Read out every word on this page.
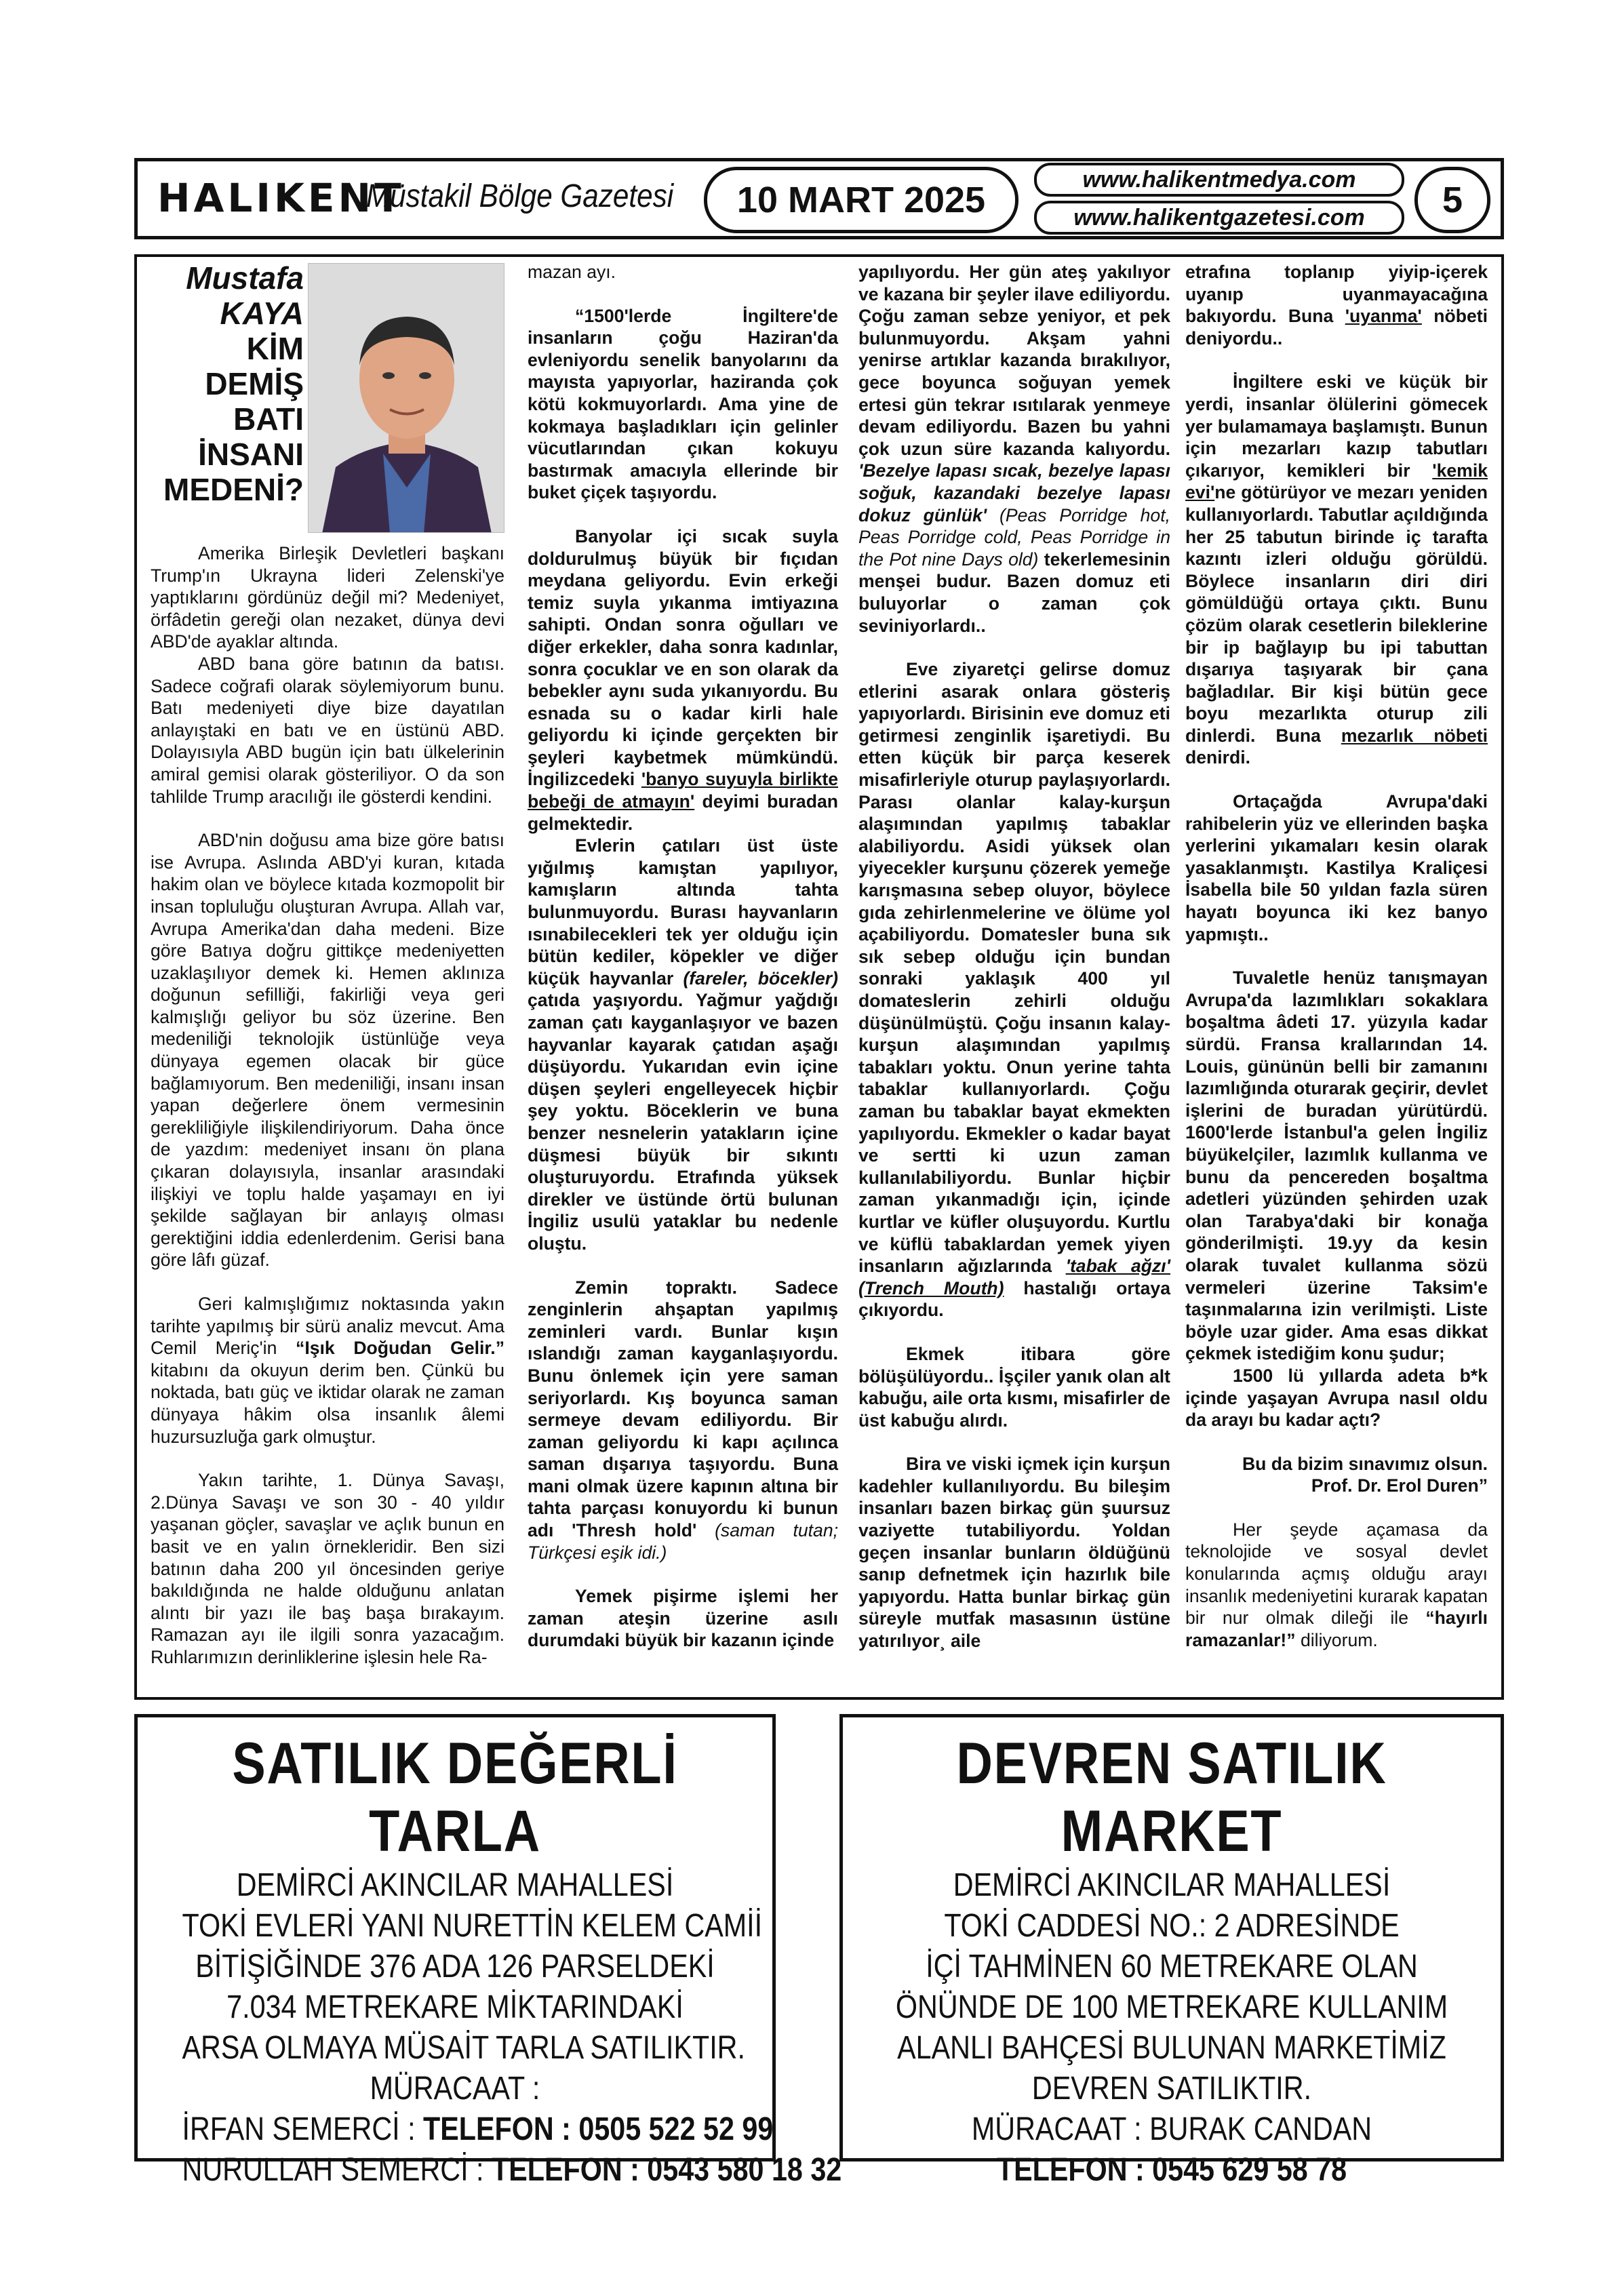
HALIKENT
Müstakil Bölge Gazetesi	10 MART 2025	www.halikentmedya.com
www.halikentgazetesi.com	5
Mustafa
KAYA
KİM
DEMİŞ
BATI
İNSANI
MEDENİ?

Amerika Birleşik Devletleri başkanı Trump'ın Ukrayna lideri Zelenski'ye yaptıklarını gördünüz değil mi? Medeniyet, örfâdetin gereği olan nezaket, dünya devi ABD'de ayaklar altında.

ABD bana göre batının da batısı. Sadece coğrafi olarak söylemiyorum bunu. Batı medeniyeti diye bize dayatılan anlayıştaki en batı ve en üstünü ABD. Dolayısıyla ABD bugün için batı ülkelerinin amiral gemisi olarak gösteriliyor. O da son tahlilde Trump aracılığı ile gösterdi kendini.

ABD'nin doğusu ama bize göre batısı ise Avrupa. Aslında ABD'yi kuran, kıtada hakim olan ve böylece kıtada kozmopolit bir insan topluluğu oluşturan Avrupa. Allah var, Avrupa Amerika'dan daha medeni. Bize göre Batıya doğru gittikçe medeniyetten uzaklaşılıyor demek ki. Hemen aklınıza doğunun sefilliği, fakirliği veya geri kalmışlığı geliyor bu söz üzerine. Ben medeniliği teknolojik üstünlüğe veya dünyaya egemen olacak bir güce bağlamıyorum. Ben medeniliği, insanı insan yapan değerlere önem vermesinin gerekliliğiyle ilişkilendiriyorum. Daha önce de yazdım: medeniyet insanı ön plana çıkaran dolayısıyla, insanlar arasındaki ilişkiyi ve toplu halde yaşamayı en iyi şekilde sağlayan bir anlayış olması gerektiğini iddia edenlerdenim. Gerisi bana göre lâfı güzaf.

Geri kalmışlığımız noktasında yakın tarihte yapılmış bir sürü analiz mevcut. Ama Cemil Meriç'in “Işık Doğudan Gelir.” kitabını da okuyun derim ben. Çünkü bu noktada, batı güç ve iktidar olarak ne zaman dünyaya hâkim olsa insanlık âlemi huzursuzluğa gark olmuştur.

Yakın tarihte, 1. Dünya Savaşı, 2.Dünya Savaşı ve son 30 - 40 yıldır yaşanan göçler, savaşlar ve açlık bunun en basit ve en yalın örnekleridir. Ben sizi batının daha 200 yıl öncesinden geriye bakıldığında ne halde olduğunu anlatan alıntı bir yazı ile baş başa bırakayım. Ramazan ayı ile ilgili sonra yazacağım. Ruhlarımızın derinliklerine işlesin hele Ra-

mazan ayı.

“1500'lerde İngiltere'de insanların çoğu Haziran'da evleniyordu senelik banyolarını da mayısta yapıyorlar, haziranda çok kötü kokmuyorlardı. Ama yine de kokmaya başladıkları için gelinler vücutlarından çıkan kokuyu bastırmak amacıyla ellerinde bir buket çiçek taşıyordu.

Banyolar içi sıcak suyla doldurulmuş büyük bir fıçıdan meydana geliyordu. Evin erkeği temiz suyla yıkanma imtiyazına sahipti. Ondan sonra oğulları ve diğer erkekler, daha sonra kadınlar, sonra çocuklar ve en son olarak da bebekler aynı suda yıkanıyordu. Bu esnada su o kadar kirli hale geliyordu ki içinde gerçekten bir şeyleri kaybetmek mümkündü. İngilizcedeki 'banyo suyuyla birlikte bebeği de atmayın' deyimi buradan gelmektedir.

Evlerin çatıları üst üste yığılmış kamıştan yapılıyor, kamışların altında tahta bulunmuyordu. Burası hayvanların ısınabilecekleri tek yer olduğu için bütün kediler, köpekler ve diğer küçük hayvanlar (fareler, böcekler) çatıda yaşıyordu. Yağmur yağdığı zaman çatı kayganlaşıyor ve bazen hayvanlar kayarak çatıdan aşağı düşüyordu. Yukarıdan evin içine düşen şeyleri engelleyecek hiçbir şey yoktu. Böceklerin ve buna benzer nesnelerin yatakların içine düşmesi büyük bir sıkıntı oluşturuyordu. Etrafında yüksek direkler ve üstünde örtü bulunan İngiliz usulü yataklar bu nedenle oluştu.

Zemin topraktı. Sadece zenginlerin ahşaptan yapılmış zeminleri vardı. Bunlar kışın ıslandığı zaman kayganlaşıyordu. Bunu önlemek için yere saman seriyorlardı. Kış boyunca saman sermeye devam ediliyordu. Bir zaman geliyordu ki kapı açılınca saman dışarıya taşıyordu. Buna mani olmak üzere kapının altına bir tahta parçası konuyordu ki bunun adı 'Thresh hold' (saman tutan; Türkçesi eşik idi.)

Yemek pişirme işlemi her zaman ateşin üzerine asılı durumdaki büyük bir kazanın içinde

yapılıyordu. Her gün ateş yakılıyor ve kazana bir şeyler ilave ediliyordu. Çoğu zaman sebze yeniyor, et pek bulunmuyordu. Akşam yahni yenirse artıklar kazanda bırakılıyor, gece boyunca soğuyan yemek ertesi gün tekrar ısıtılarak yenmeye devam ediliyordu. Bazen bu yahni çok uzun süre kazanda kalıyordu. 'Bezelye lapası sıcak, bezelye lapası soğuk, kazandaki bezelye lapası dokuz günlük' (Peas Porridge hot, Peas Porridge cold, Peas Porridge in the Pot nine Days old) tekerlemesinin menşei budur. Bazen domuz eti buluyorlar o zaman çok seviniyorlardı..

Eve ziyaretçi gelirse domuz etlerini asarak onlara gösteriş yapıyorlardı. Birisinin eve domuz eti getirmesi zenginlik işaretiydi. Bu etten küçük bir parça keserek misafirleriyle oturup paylaşıyorlardı. Parası olanlar kalay-kurşun alaşımından yapılmış tabaklar alabiliyordu. Asidi yüksek olan yiyecekler kurşunu çözerek yemeğe karışmasına sebep oluyor, böylece gıda zehirlenmelerine ve ölüme yol açabiliyordu. Domatesler buna sık sık sebep olduğu için bundan sonraki yaklaşık 400 yıl domateslerin zehirli olduğu düşünülmüştü. Çoğu insanın kalay-kurşun alaşımından yapılmış tabakları yoktu. Onun yerine tahta tabaklar kullanıyorlardı. Çoğu zaman bu tabaklar bayat ekmekten yapılıyordu. Ekmekler o kadar bayat ve sertti ki uzun zaman kullanılabiliyordu. Bunlar hiçbir zaman yıkanmadığı için, içinde kurtlar ve küfler oluşuyordu. Kurtlu ve küflü tabaklardan yemek yiyen insanların ağızlarında 'tabak ağzı' (Trench Mouth) hastalığı ortaya çıkıyordu.

Ekmek itibara göre bölüşülüyordu.. İşçiler yanık olan alt kabuğu, aile orta kısmı, misafirler de üst kabuğu alırdı.

Bira ve viski içmek için kurşun kadehler kullanılıyordu. Bu bileşim insanları bazen birkaç gün şuursuz vaziyette tutabiliyordu. Yoldan geçen insanlar bunların öldüğünü sanıp defnetmek için hazırlık bile yapıyordu. Hatta bunlar birkaç gün süreyle mutfak masasının üstüne yatırılıyor¸ aile

etrafına toplanıp yiyip-içerek uyanıp uyanmayacağına bakıyordu. Buna 'uyanma' nöbeti deniyordu..

İngiltere eski ve küçük bir yerdi, insanlar ölülerini gömecek yer bulamamaya başlamıştı. Bunun için mezarları kazıp tabutları çıkarıyor, kemikleri bir 'kemik evi'ne götürüyor ve mezarı yeniden kullanıyorlardı. Tabutlar açıldığında her 25 tabutun birinde iç tarafta kazıntı izleri olduğu görüldü. Böylece insanların diri diri gömüldüğü ortaya çıktı. Bunu çözüm olarak cesetlerin bileklerine bir ip bağlayıp bu ipi tabuttan dışarıya taşıyarak bir çana bağladılar. Bir kişi bütün gece boyu mezarlıkta oturup zili dinlerdi. Buna mezarlık nöbeti denirdi.

Ortaçağda Avrupa'daki rahibelerin yüz ve ellerinden başka yerlerini yıkamaları kesin olarak yasaklanmıştı. Kastilya Kraliçesi İsabella bile 50 yıldan fazla süren hayatı boyunca iki kez banyo yapmıştı..

Tuvaletle henüz tanışmayan Avrupa'da lazımlıkları sokaklara boşaltma âdeti 17. yüzyıla kadar sürdü. Fransa krallarından 14. Louis, gününün belli bir zamanını lazımlığında oturarak geçirir, devlet işlerini de buradan yürütürdü. 1600'lerde İstanbul'a gelen İngiliz büyükelçiler, lazımlık kullanma ve bunu da pencereden boşaltma adetleri yüzünden şehirden uzak olan Tarabya'daki bir konağa gönderilmişti. 19.yy da kesin olarak tuvalet kullanma sözü vermeleri üzerine Taksim'e taşınmalarına izin verilmişti. Liste böyle uzar gider. Ama esas dikkat çekmek istediğim konu şudur;

1500 lü yıllarda adeta b*k içinde yaşayan Avrupa nasıl oldu da arayı bu kadar açtı?

Bu da bizim sınavımız olsun.

Prof. Dr. Erol Duren”

Her şeyde açamasa da teknolojide ve sosyal devlet konularında açmış olduğu arayı insanlık medeniyetini kurarak kapatan bir nur olmak dileği ile “hayırlı ramazanlar!” diliyorum.

SATILIK DEĞERLİ TARLA
DEMİRCİ AKINCILAR MAHALLESİ
TOKİ EVLERİ YANI NURETTİN KELEM CAMİİ
BİTİŞİĞİNDE 376 ADA 126 PARSELDEKİ
7.034 METREKARE MİKTARINDAKİ
ARSA OLMAYA MÜSAİT TARLA SATILIKTIR.
MÜRACAAT :
İRFAN SEMERCİ : TELEFON : 0505 522 52 99
NURULLAH SEMERCİ : TELEFON : 0543 580 18 32
DEVREN SATILIK MARKET
DEMİRCİ AKINCILAR MAHALLESİ
TOKİ CADDESİ NO.: 2 ADRESİNDE
İÇİ TAHMİNEN 60 METREKARE OLAN
ÖNÜNDE DE 100 METREKARE KULLANIM
ALANLI BAHÇESİ BULUNAN MARKETİMİZ
DEVREN SATILIKTIR.
MÜRACAAT : BURAK CANDAN
TELEFON : 0545 629 58 78
